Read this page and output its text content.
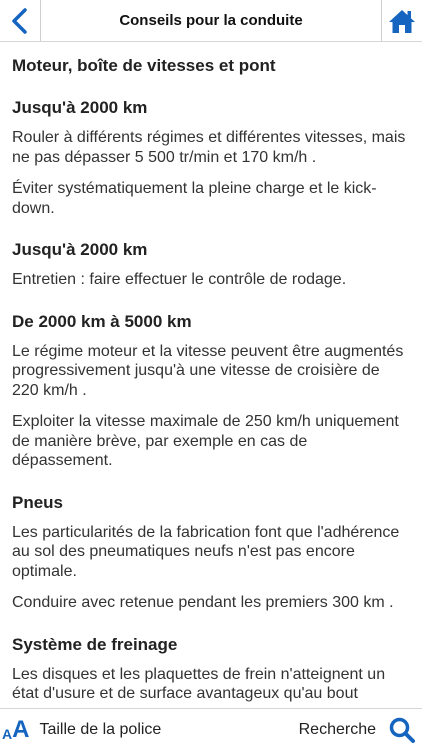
Conseils pour la conduite
Moteur, boîte de vitesses et pont
Jusqu'à 2000 km
Rouler à différents régimes et différentes vitesses, mais ne pas dépasser 5 500 tr/min et 170 km/h .
Éviter systématiquement la pleine charge et le kick-down.
Jusqu'à 2000 km
Entretien : faire effectuer le contrôle de rodage.
De 2000 km à 5000 km
Le régime moteur et la vitesse peuvent être augmentés progressivement jusqu'à une vitesse de croisière de 220 km/h .
Exploiter la vitesse maximale de 250 km/h uniquement de manière brève, par exemple en cas de dépassement.
Pneus
Les particularités de la fabrication font que l'adhérence au sol des pneumatiques neufs n'est pas encore optimale.
Conduire avec retenue pendant les premiers 300 km .
Système de freinage
Les disques et les plaquettes de frein n'atteignent un état d'usure et de surface avantageux qu'au bout
A A Taille de la police	Recherche
